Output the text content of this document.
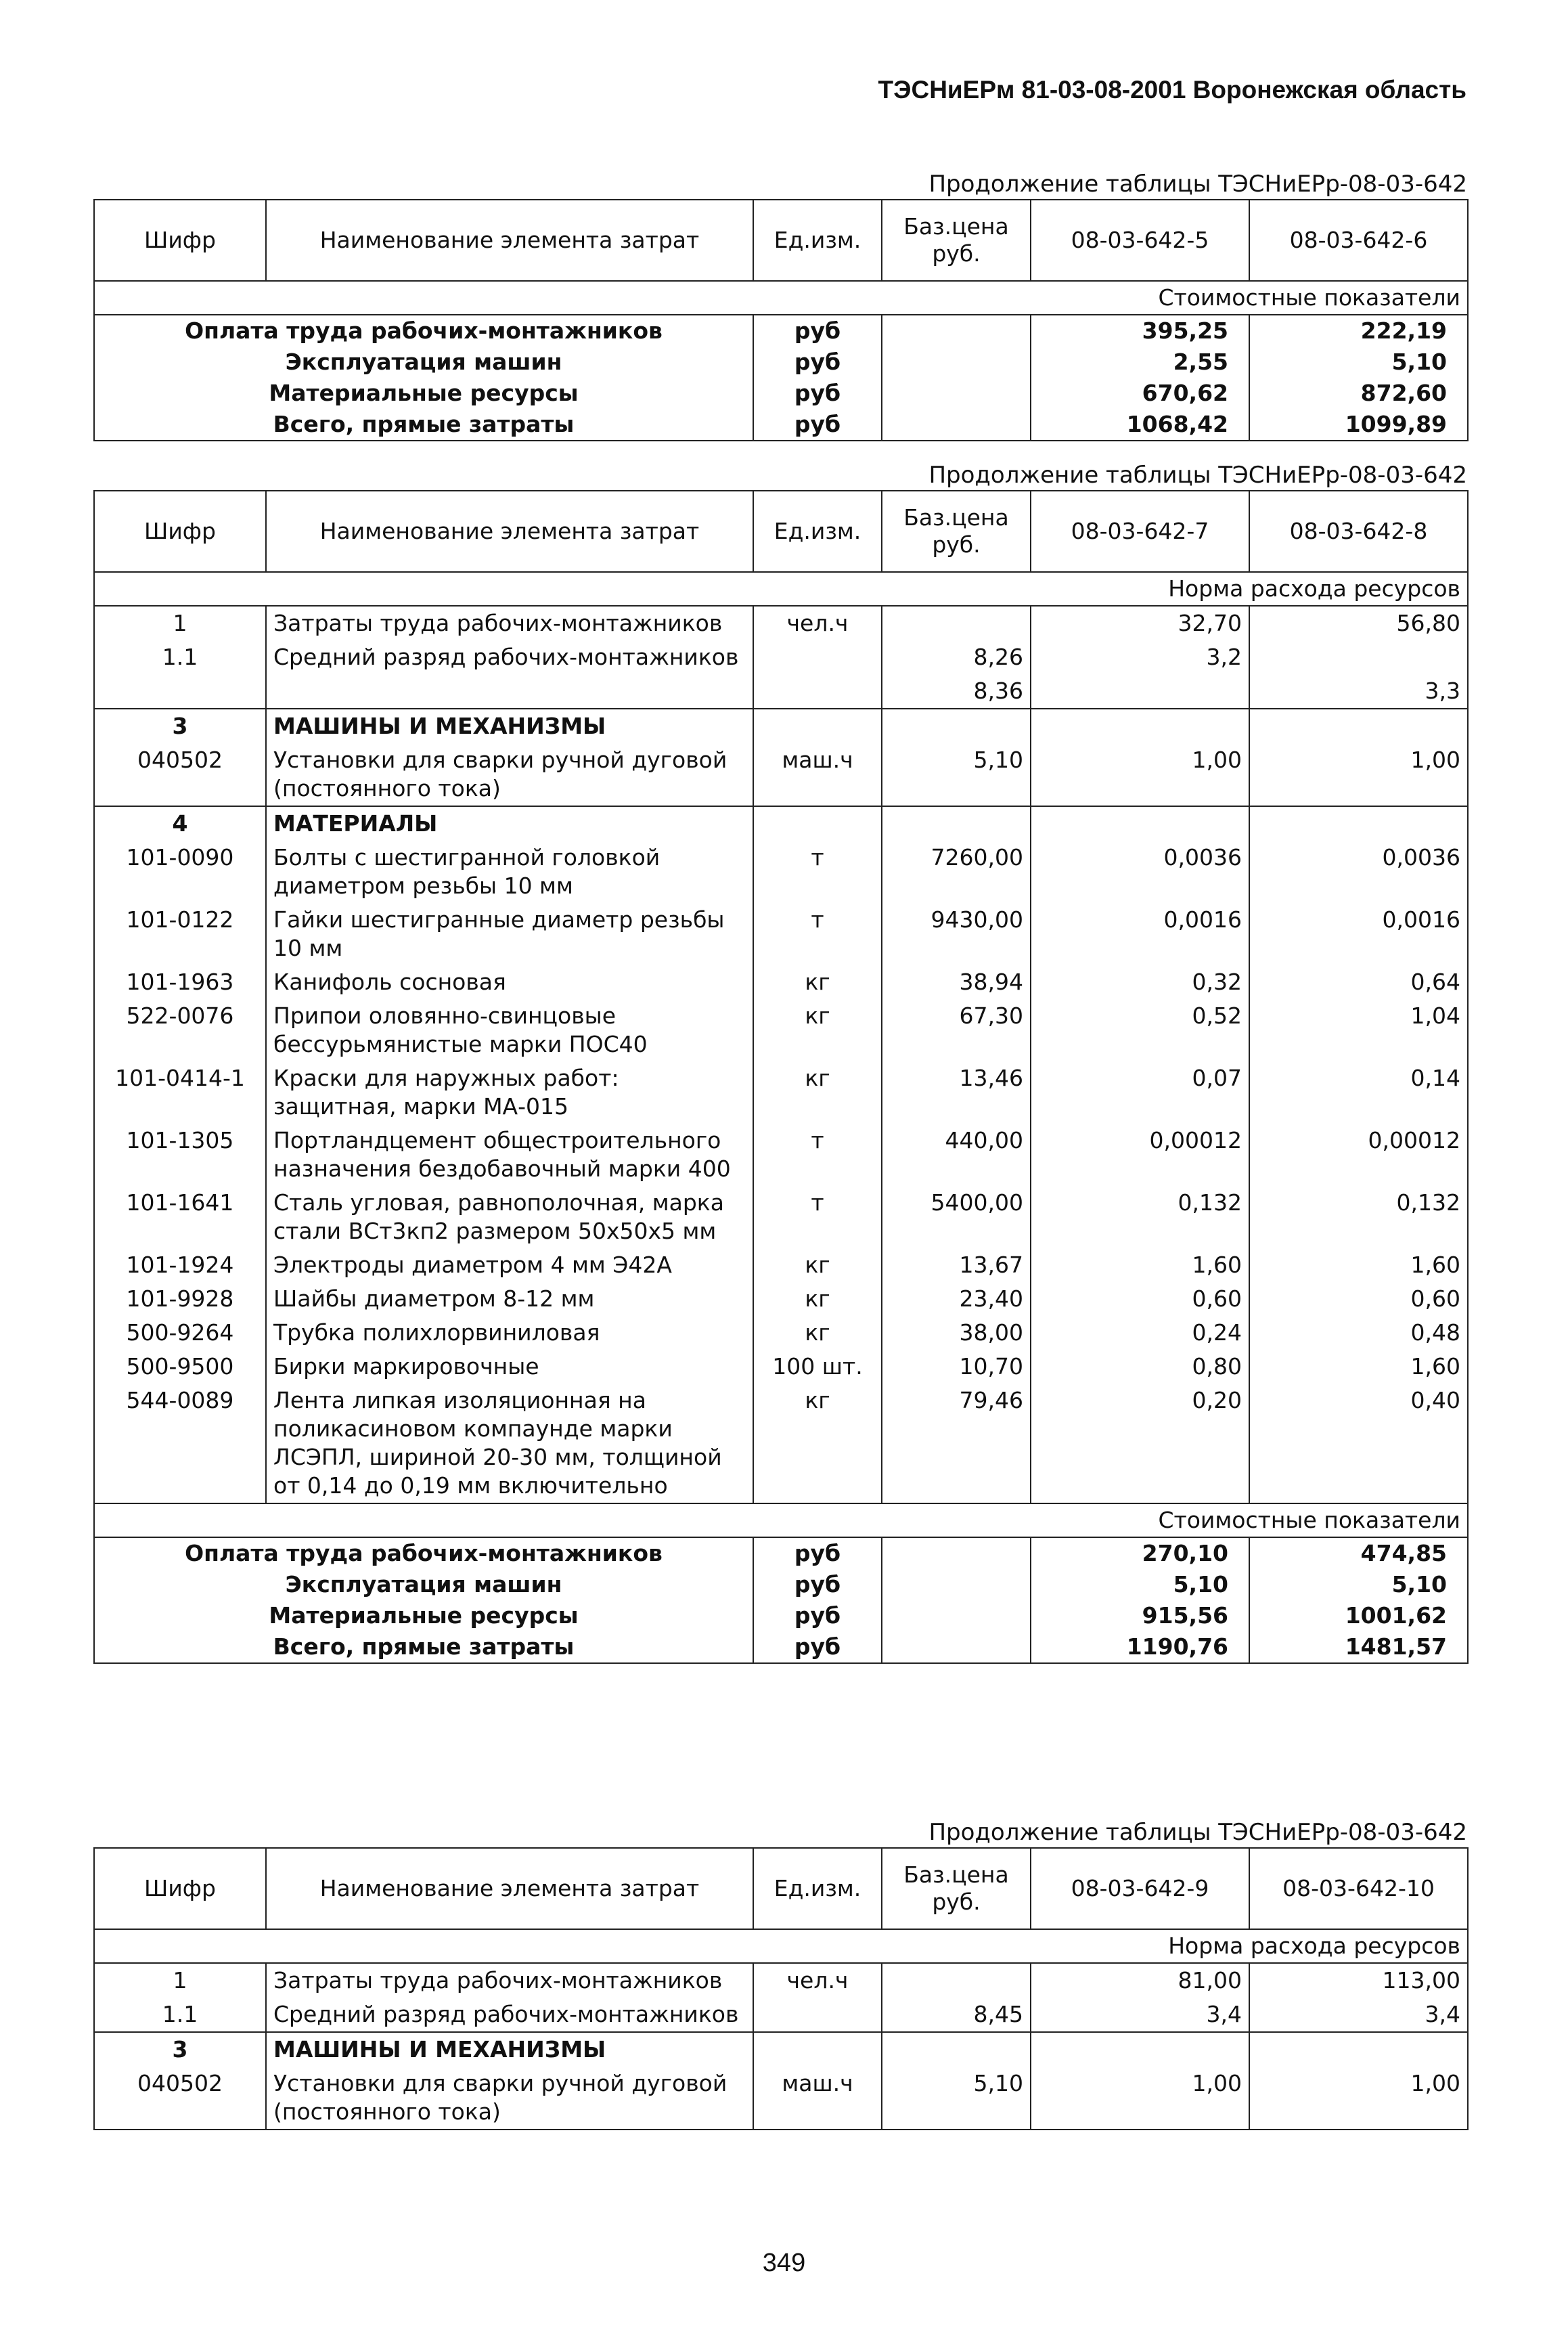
ТЭСНиЕРм 81-03-08-2001 Воронежская область
Продолжение таблицы ТЭСНиЕРр-08-03-642
Шифр	Наименование элемента затрат	Ед.изм.	Баз.цена руб.	08-03-642-5	08-03-642-6
Стоимостные показатели					
Оплата труда рабочих-монтажников		руб		395,25	222,19
Эксплуатация машин		руб		2,55	5,10
Материальные ресурсы		руб		670,62	872,60
Всего, прямые затраты		руб		1068,42	1099,89
Продолжение таблицы ТЭСНиЕРр-08-03-642
Шифр	Наименование элемента затрат	Ед.изм.	Баз.цена руб.	08-03-642-7	08-03-642-8
Норма расхода ресурсов					
1	Затраты труда рабочих-монтажников	чел.ч		32,70	56,80
1.1	Средний разряд рабочих-монтажников		8,26	3,2	
			8,36		3,3
3	МАШИНЫ И МЕХАНИЗМЫ				
040502	Установки для сварки ручной дуговой (постоянного тока)	маш.ч	5,10	1,00	1,00
4	МАТЕРИАЛЫ				
101-0090	Болты с шестигранной головкой диаметром резьбы 10 мм	т	7260,00	0,0036	0,0036
101-0122	Гайки шестигранные диаметр резьбы 10 мм	т	9430,00	0,0016	0,0016
101-1963	Канифоль сосновая	кг	38,94	0,32	0,64
522-0076	Припои оловянно-свинцовые бессурьмянистые марки ПОС40	кг	67,30	0,52	1,04
101-0414-1	Краски для наружных работ: защитная, марки МА-015	кг	13,46	0,07	0,14
101-1305	Портландцемент общестроительного назначения бездобавочный марки 400	т	440,00	0,00012	0,00012
101-1641	Сталь угловая, равнополочная, марка стали ВСт3кп2 размером 50х50х5 мм	т	5400,00	0,132	0,132
101-1924	Электроды диаметром 4 мм Э42А	кг	13,67	1,60	1,60
101-9928	Шайбы диаметром 8-12 мм	кг	23,40	0,60	0,60
500-9264	Трубка полихлорвиниловая	кг	38,00	0,24	0,48
500-9500	Бирки маркировочные	100 шт.	10,70	0,80	1,60
544-0089	Лента липкая изоляционная на поликасиновом компаунде марки ЛСЭПЛ, шириной 20-30 мм, толщиной от 0,14 до 0,19 мм включительно	кг	79,46	0,20	0,40
Стоимостные показатели					
Оплата труда рабочих-монтажников		руб		270,10	474,85
Эксплуатация машин		руб		5,10	5,10
Материальные ресурсы		руб		915,56	1001,62
Всего, прямые затраты		руб		1190,76	1481,57
Продолжение таблицы ТЭСНиЕРр-08-03-642
Шифр	Наименование элемента затрат	Ед.изм.	Баз.цена руб.	08-03-642-9	08-03-642-10
Норма расхода ресурсов					
1	Затраты труда рабочих-монтажников	чел.ч		81,00	113,00
1.1	Средний разряд рабочих-монтажников		8,45	3,4	3,4
3	МАШИНЫ И МЕХАНИЗМЫ				
040502	Установки для сварки ручной дуговой (постоянного тока)	маш.ч	5,10	1,00	1,00
349
